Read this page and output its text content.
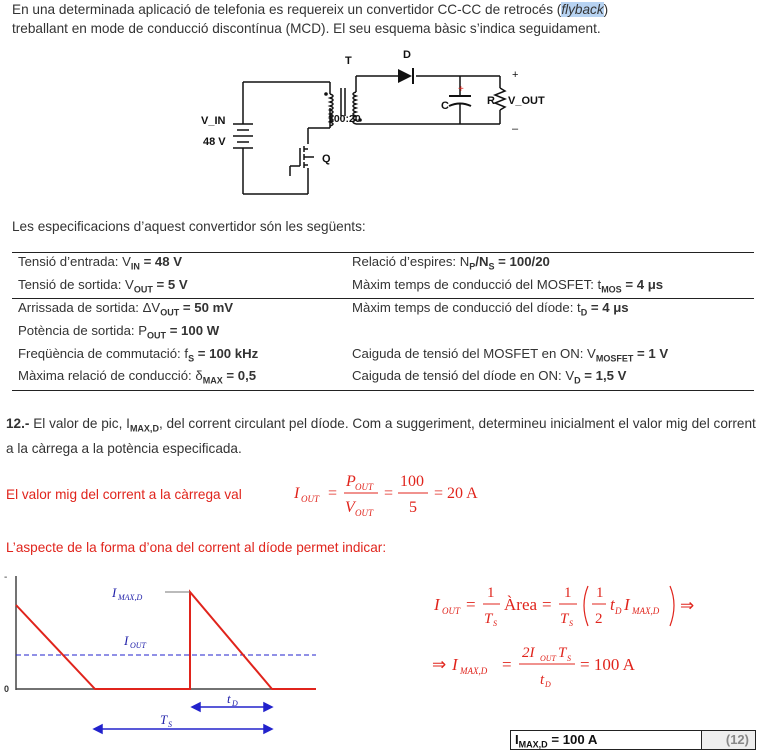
En una determinada aplicació de telefonia es requereix un convertidor CC-CC de retrocés (flyback)
treballant en mode de conducció discontínua (MCD). El seu esquema bàsic s’indica seguidament.
T	D
C
+
R V_OUT
+
–
V_IN
48 V
100:20
Q
Les especificacions d’aquest convertidor són les següents:
Tensió d’entrada: $V_{IN} = 48$ V	Relació d’espires: $N_P/N_S = 100/20$
Tensió de sortida: $V_{OUT} = 5$ V	Màxim temps de conducció del MOSFET: $t_{MOS} = 4$ μs
Arrissada de sortida: $\Delta V_{OUT} = 50$ mV	Màxim temps de conducció del díode: $t_D = 4$ μs
Potència de sortida: $P_{OUT} = 100$ W	
Freqüència de commutació: $f_S = 100$ kHz	Caiguda de tensió del MOSFET en ON: $V_{MOSFET} = 1$ V
Màxima relació de conducció: $\delta_{MAX} = 0,5$	Caiguda de tensió del díode en ON: $V_D = 1,5$ V
12.- El valor de pic, $I_{MAX,D}$, del corrent circulant pel díode. Com a suggeriment, determineu inicialment el valor mig del corrent a la càrrega a la potència especificada.
El valor mig del corrent a la càrrega val	I OUT =
P OUT
V OUT
=
100
5
= 20 A
L’aspecte de la forma d’ona del corrent al díode permet indicar:
-
0
I MAX,D
I OUT
t D
T S
I OUT =
1
T S
Àrea =
1
T S
1
2
t D I MAX,D ⇒
⇒ I MAX,D =
2I OUT T S
t D
= 100 A
$I_{MAX,D} = 100$ A	(12)
